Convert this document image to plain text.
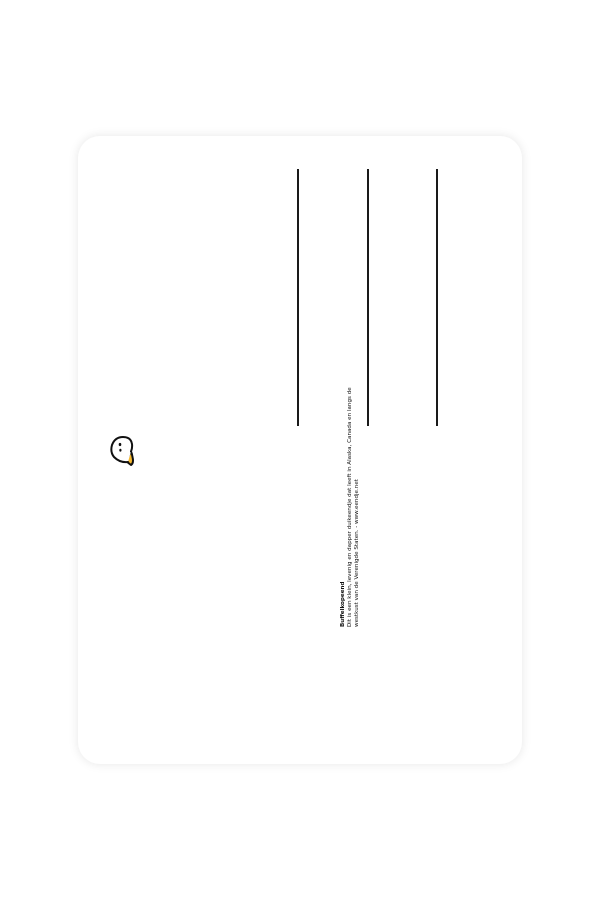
Buffelkopeend Dit is een klein, levenig en dapper duikeendje dat leeft in Alaska, Canada en langs de westkust van de Verenigde Staten. - www.eendje.net
